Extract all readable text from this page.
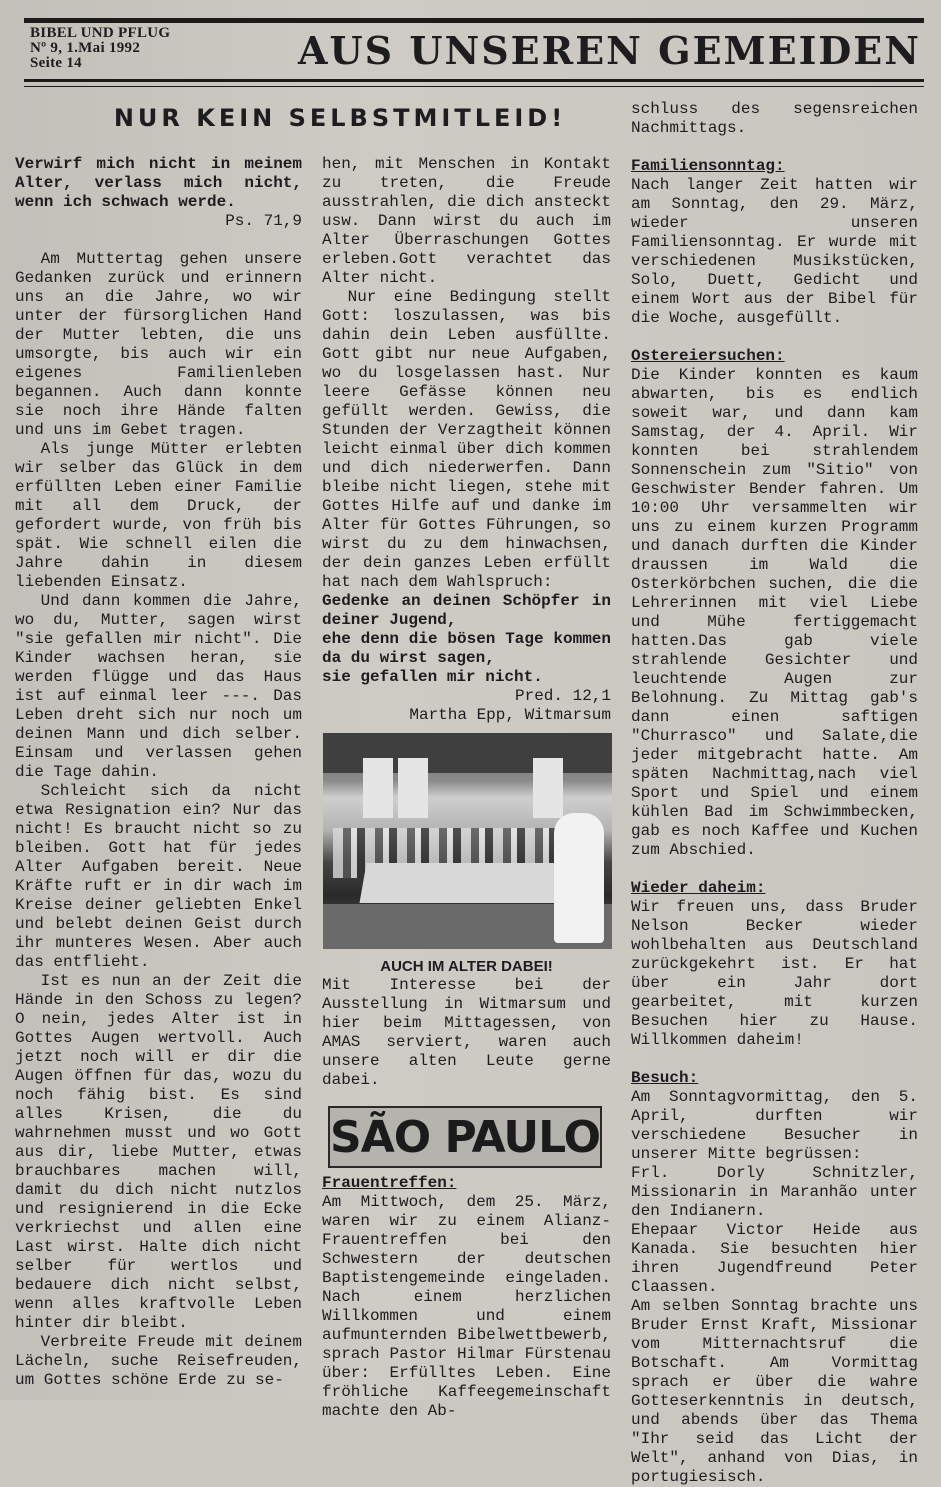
BIBEL UND PFLUG
Nº 9, 1.Mai 1992
Seite 14	AUS UNSEREN GEMEIDEN
NUR KEIN SELBSTMITLEID!

Verwirf mich nicht in meinem Alter, verlass mich nicht, wenn ich schwach werde.

Ps. 71,9

Am Muttertag gehen unsere Gedanken zurück und erinnern uns an die Jahre, wo wir unter der fürsorglichen Hand der Mutter lebten, die uns umsorgte, bis auch wir ein eigenes Familienleben begannen. Auch dann konnte sie noch ihre Hände falten und uns im Gebet tragen.

Als junge Mütter erlebten wir selber das Glück in dem erfüllten Leben einer Familie mit all dem Druck, der gefordert wurde, von früh bis spät. Wie schnell eilen die Jahre dahin in diesem liebenden Einsatz.

Und dann kommen die Jahre, wo du, Mutter, sagen wirst "sie gefallen mir nicht". Die Kinder wachsen heran, sie werden flügge und das Haus ist auf einmal leer ---. Das Leben dreht sich nur noch um deinen Mann und dich selber. Einsam und verlassen gehen die Tage dahin.

Schleicht sich da nicht etwa Resignation ein? Nur das nicht! Es braucht nicht so zu bleiben. Gott hat für jedes Alter Aufgaben bereit. Neue Kräfte ruft er in dir wach im Kreise deiner geliebten Enkel und belebt deinen Geist durch ihr munteres Wesen. Aber auch das entflieht.

Ist es nun an der Zeit die Hände in den Schoss zu legen? O nein, jedes Alter ist in Gottes Augen wertvoll. Auch jetzt noch will er dir die Augen öffnen für das, wozu du noch fähig bist. Es sind alles Krisen, die du wahrnehmen musst und wo Gott aus dir, liebe Mutter, etwas brauchbares machen will, damit du dich nicht nutzlos und resignierend in die Ecke verkriechst und allen eine Last wirst. Halte dich nicht selber für wertlos und bedauere dich nicht selbst, wenn alles kraftvolle Leben hinter dir bleibt.

Verbreite Freude mit deinem Lächeln, suche Reisefreuden, um Gottes schöne Erde zu se-

hen, mit Menschen in Kontakt zu treten, die Freude ausstrahlen, die dich ansteckt usw. Dann wirst du auch im Alter Überraschungen Gottes erleben.Gott verachtet das Alter nicht.

Nur eine Bedingung stellt Gott: loszulassen, was bis dahin dein Leben ausfüllte. Gott gibt nur neue Aufgaben, wo du losgelassen hast. Nur leere Gefässe können neu gefüllt werden. Gewiss, die Stunden der Verzagtheit können leicht einmal über dich kommen und dich niederwerfen. Dann bleibe nicht liegen, stehe mit Gottes Hilfe auf und danke im Alter für Gottes Führungen, so wirst du zu dem hinwachsen, der dein ganzes Leben erfüllt hat nach dem Wahlspruch:

Gedenke an deinen Schöpfer in deiner Jugend,

ehe denn die bösen Tage kommen da du wirst sagen,

sie gefallen mir nicht.

Pred. 12,1

Martha Epp, Witmarsum

AUCH IM ALTER DABEI!

Mit Interesse bei der Ausstellung in Witmarsum und hier beim Mittagessen, von AMAS serviert, waren auch unsere alten Leute gerne dabei.

SÃO PAULO

Frauentreffen:

Am Mittwoch, dem 25. März, waren wir zu einem Alianz-Frauentreffen bei den Schwestern der deutschen Baptistengemeinde eingeladen. Nach einem herzlichen Willkommen und einem aufmunternden Bibelwettbewerb, sprach Pastor Hilmar Fürstenau über: Erfülltes Leben. Eine fröhliche Kaffeegemeinschaft machte den Ab-

schluss des segensreichen Nachmittags.

Familiensonntag:

Nach langer Zeit hatten wir am Sonntag, den 29. März, wieder unseren Familiensonntag. Er wurde mit verschiedenen Musikstücken, Solo, Duett, Gedicht und einem Wort aus der Bibel für die Woche, ausgefüllt.

Ostereiersuchen:

Die Kinder konnten es kaum abwarten, bis es endlich soweit war, und dann kam Samstag, der 4. April. Wir konnten bei strahlendem Sonnenschein zum "Sitio" von Geschwister Bender fahren. Um 10:00 Uhr versammelten wir uns zu einem kurzen Programm und danach durften die Kinder draussen im Wald die Osterkörbchen suchen, die die Lehrerinnen mit viel Liebe und Mühe fertiggemacht hatten.Das gab viele strahlende Gesichter und leuchtende Augen zur Belohnung. Zu Mittag gab's dann einen saftigen "Churrasco" und Salate,die jeder mitgebracht hatte. Am späten Nachmittag,nach viel Sport und Spiel und einem kühlen Bad im Schwimmbecken, gab es noch Kaffee und Kuchen zum Abschied.

Wieder daheim:

Wir freuen uns, dass Bruder Nelson Becker wieder wohlbehalten aus Deutschland zurückgekehrt ist. Er hat über ein Jahr dort gearbeitet, mit kurzen Besuchen hier zu Hause. Willkommen daheim!

Besuch:

Am Sonntagvormittag, den 5. April, durften wir verschiedene Besucher in unserer Mitte begrüssen:

Frl. Dorly Schnitzler, Missionarin in Maranhão unter den Indianern.

Ehepaar Victor Heide aus Kanada. Sie besuchten hier ihren Jugendfreund Peter Claassen.

Am selben Sonntag brachte uns Bruder Ernst Kraft, Missionar vom Mitternachtsruf die Botschaft. Am Vormittag sprach er über die wahre Gotteserkenntnis in deutsch, und abends über das Thema "Ihr seid das Licht der Welt", anhand von Dias, in portugiesisch.
